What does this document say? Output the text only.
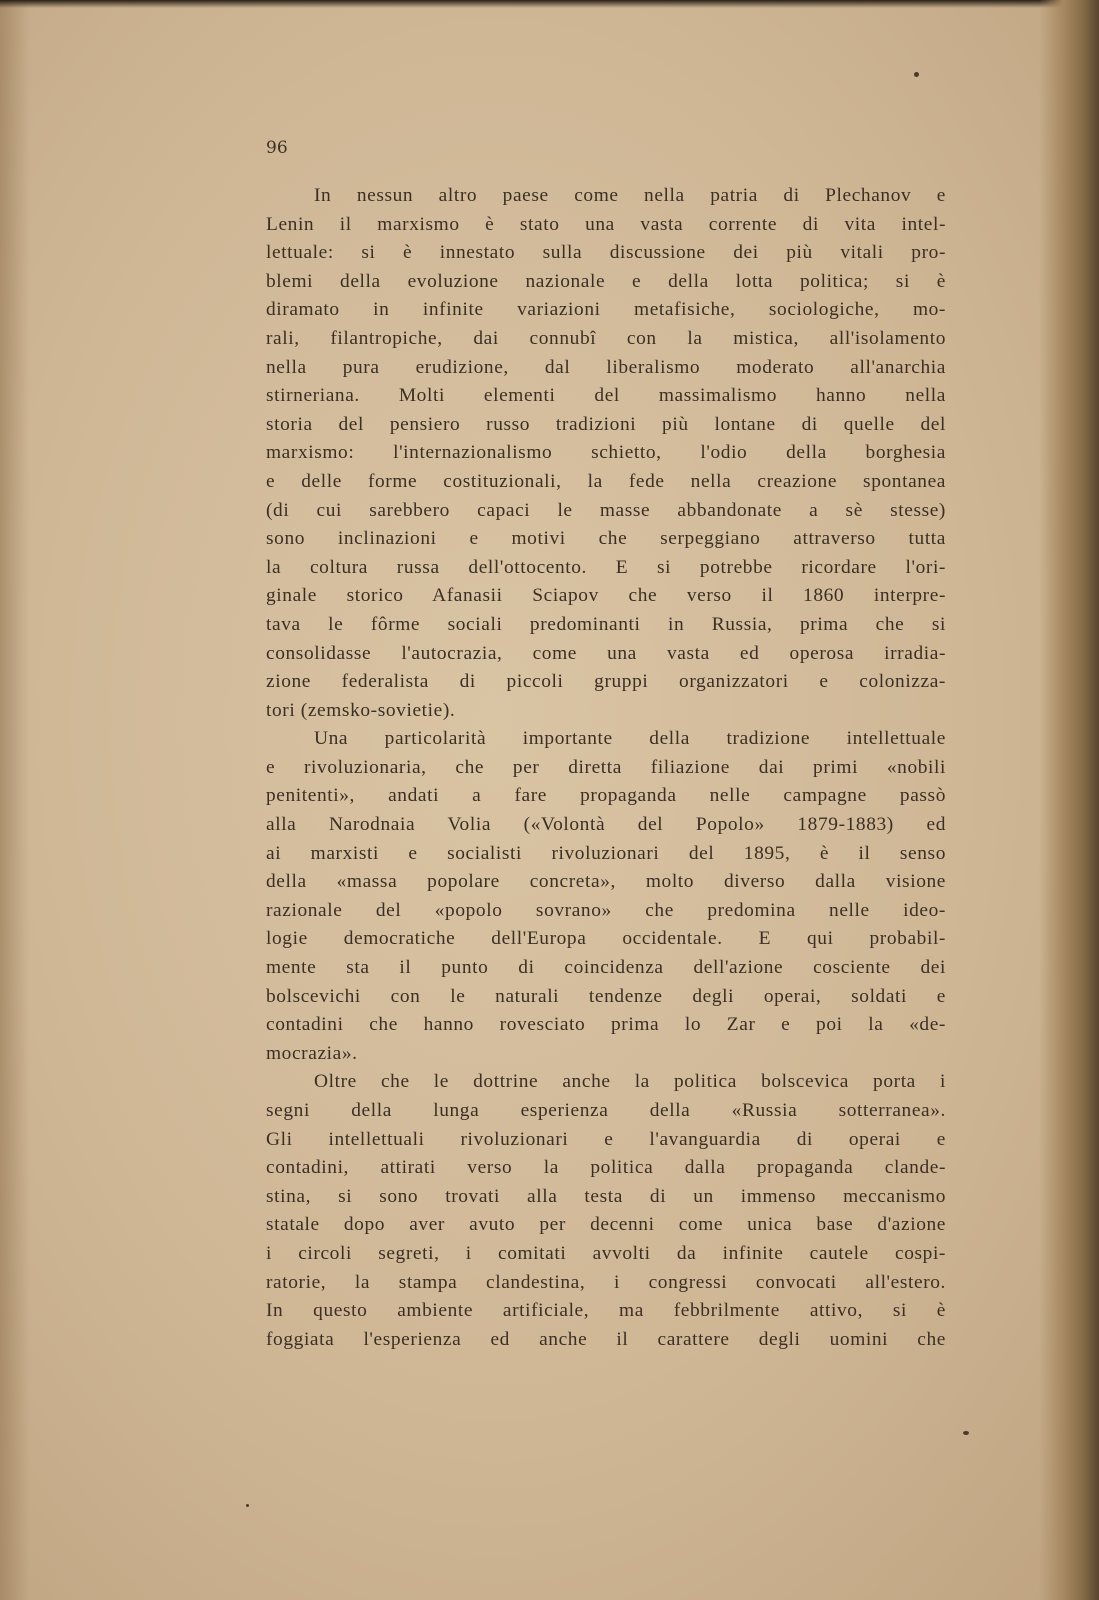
96
In nessun altro paese come nella patria di Plechanov e
Lenin il marxismo è stato una vasta corrente di vita intel-
lettuale: si è innestato sulla discussione dei più vitali pro-
blemi della evoluzione nazionale e della lotta politica; si è
diramato in infinite variazioni metafisiche, sociologiche, mo-
rali, filantropiche, dai connubî con la mistica, all'isolamento
nella pura erudizione, dal liberalismo moderato all'anarchia
stirneriana. Molti elementi del massimalismo hanno nella
storia del pensiero russo tradizioni più lontane di quelle del
marxismo: l'internazionalismo schietto, l'odio della borghesia
e delle forme costituzionali, la fede nella creazione spontanea
(di cui sarebbero capaci le masse abbandonate a sè stesse)
sono inclinazioni e motivi che serpeggiano attraverso tutta
la coltura russa dell'ottocento. E si potrebbe ricordare l'ori-
ginale storico Afanasii Sciapov che verso il 1860 interpre-
tava le fôrme sociali predominanti in Russia, prima che si
consolidasse l'autocrazia, come una vasta ed operosa irradia-
zione federalista di piccoli gruppi organizzatori e colonizza-
tori (zemsko-sovietie).
Una particolarità importante della tradizione intellettuale
e rivoluzionaria, che per diretta filiazione dai primi «nobili
penitenti», andati a fare propaganda nelle campagne passò
alla Narodnaia Volia («Volontà del Popolo» 1879-1883) ed
ai marxisti e socialisti rivoluzionari del 1895, è il senso
della «massa popolare concreta», molto diverso dalla visione
razionale del «popolo sovrano» che predomina nelle ideo-
logie democratiche dell'Europa occidentale. E qui probabil-
mente sta il punto di coincidenza dell'azione cosciente dei
bolscevichi con le naturali tendenze degli operai, soldati e
contadini che hanno rovesciato prima lo Zar e poi la «de-
mocrazia».
Oltre che le dottrine anche la politica bolscevica porta i
segni della lunga esperienza della «Russia sotterranea».
Gli intellettuali rivoluzionari e l'avanguardia di operai e
contadini, attirati verso la politica dalla propaganda clande-
stina, si sono trovati alla testa di un immenso meccanismo
statale dopo aver avuto per decenni come unica base d'azione
i circoli segreti, i comitati avvolti da infinite cautele cospi-
ratorie, la stampa clandestina, i congressi convocati all'estero.
In questo ambiente artificiale, ma febbrilmente attivo, si è
foggiata l'esperienza ed anche il carattere degli uomini che
